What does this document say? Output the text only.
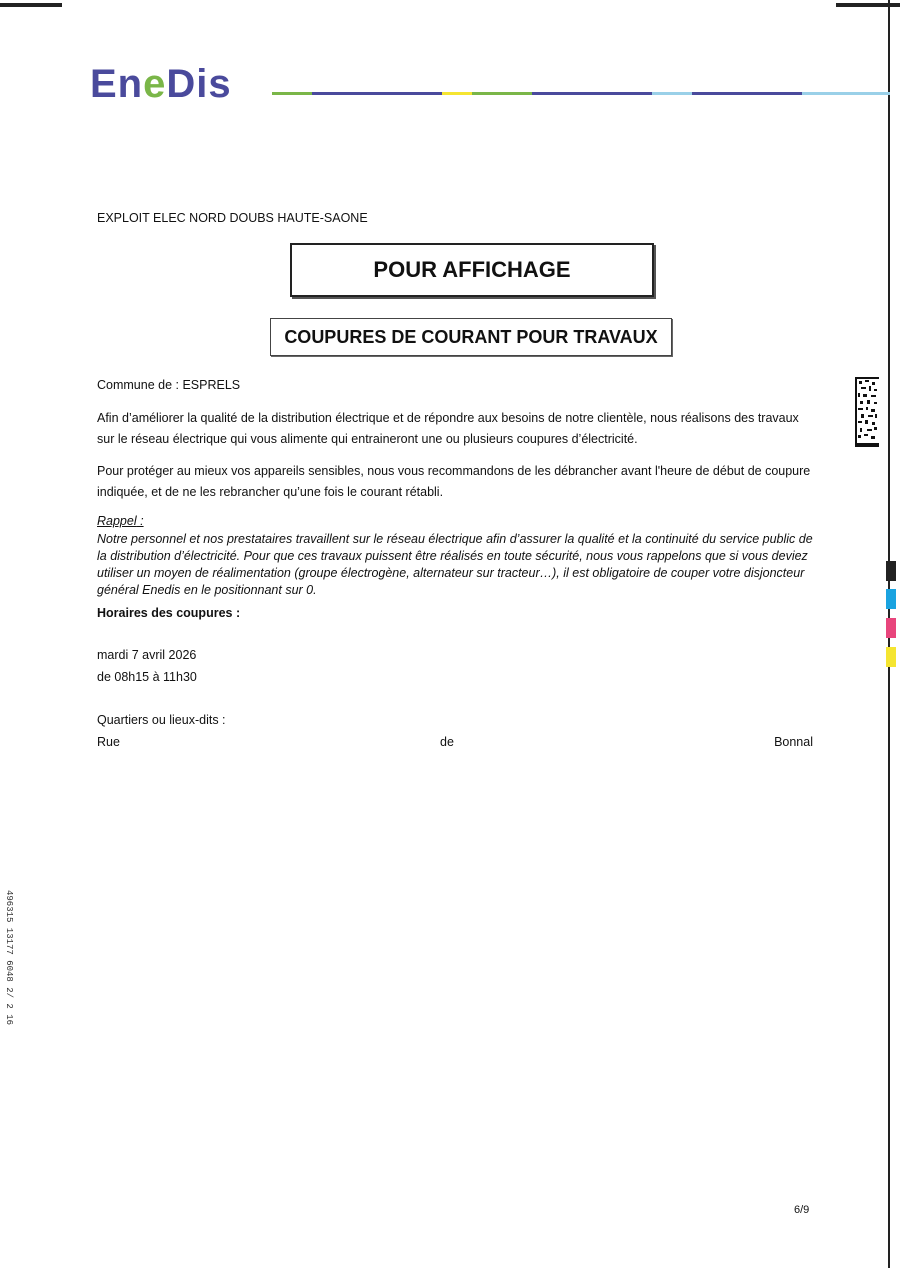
EneDis
EXPLOIT ELEC NORD DOUBS HAUTE-SAONE
POUR AFFICHAGE
COUPURES DE COURANT POUR TRAVAUX
Commune de : ESPRELS
Afin d’améliorer la qualité de la distribution électrique et de répondre aux besoins de notre clientèle, nous réalisons des travaux sur le réseau électrique qui vous alimente qui entraineront une ou plusieurs coupures d’électricité.
Pour protéger au mieux vos appareils sensibles, nous vous recommandons de les débrancher avant l'heure de début de coupure indiquée, et de ne les rebrancher qu’une fois le courant rétabli.
Rappel :
Notre personnel et nos prestataires travaillent sur le réseau électrique afin d’assurer la qualité et la continuité du service public de la distribution d’électricité. Pour que ces travaux puissent être réalisés en toute sécurité, nous vous rappelons que si vous deviez utiliser un moyen de réalimentation (groupe électrogène, alternateur sur tracteur…), il est obligatoire de couper votre disjoncteur général Enedis en le positionnant sur 0.
Horaires des coupures :
mardi 7 avril 2026
de 08h15 à 11h30
Quartiers ou lieux-dits :
Rue	de	Bonnal
6/9
496315 13177 6048 2/ 2 16
